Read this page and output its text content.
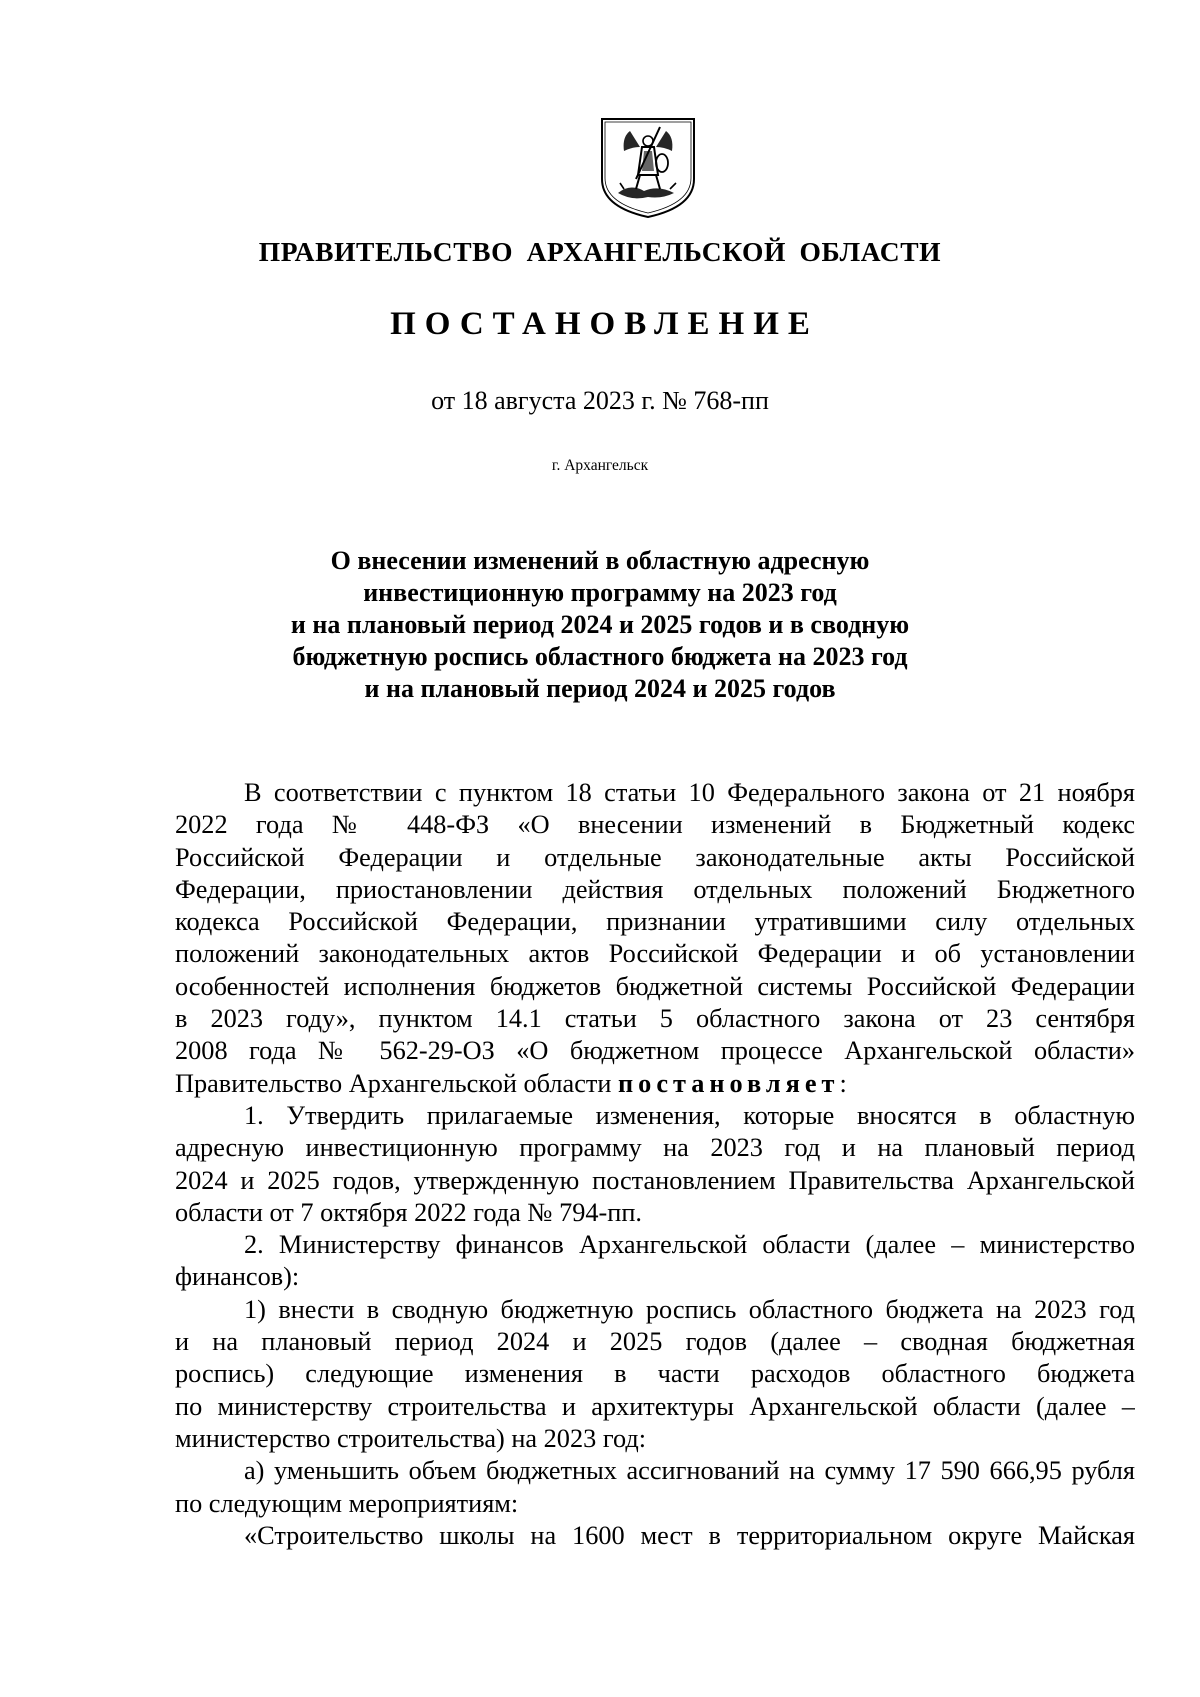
ПРАВИТЕЛЬСТВО АРХАНГЕЛЬСКОЙ ОБЛАСТИ
ПОСТАНОВЛЕНИЕ
от 18 августа 2023 г. № 768-пп
г. Архангельск
О внесении изменений в областную адресную
инвестиционную программу на 2023 год
и на плановый период 2024 и 2025 годов и в сводную
бюджетную роспись областного бюджета на 2023 год
и на плановый период 2024 и 2025 годов
В соответствии с пунктом 18 статьи 10 Федерального закона от 21 ноября
2022 года № 448-ФЗ «О внесении изменений в Бюджетный кодекс
Российской Федерации и отдельные законодательные акты Российской
Федерации, приостановлении действия отдельных положений Бюджетного
кодекса Российской Федерации, признании утратившими силу отдельных
положений законодательных актов Российской Федерации и об установлении
особенностей исполнения бюджетов бюджетной системы Российской Федерации
в 2023 году», пунктом 14.1 статьи 5 областного закона от 23 сентября
2008 года № 562-29-ОЗ «О бюджетном процессе Архангельской области»
Правительство Архангельской области постановляет:
1. Утвердить прилагаемые изменения, которые вносятся в областную
адресную инвестиционную программу на 2023 год и на плановый период
2024 и 2025 годов, утвержденную постановлением Правительства Архангельской
области от 7 октября 2022 года № 794-пп.
2. Министерству финансов Архангельской области (далее – министерство
финансов):
1) внести в сводную бюджетную роспись областного бюджета на 2023 год
и на плановый период 2024 и 2025 годов (далее – сводная бюджетная
роспись) следующие изменения в части расходов областного бюджета
по министерству строительства и архитектуры Архангельской области (далее –
министерство строительства) на 2023 год:
а) уменьшить объем бюджетных ассигнований на сумму 17 590 666,95 рубля
по следующим мероприятиям:
«Строительство школы на 1600 мест в территориальном округе Майская
